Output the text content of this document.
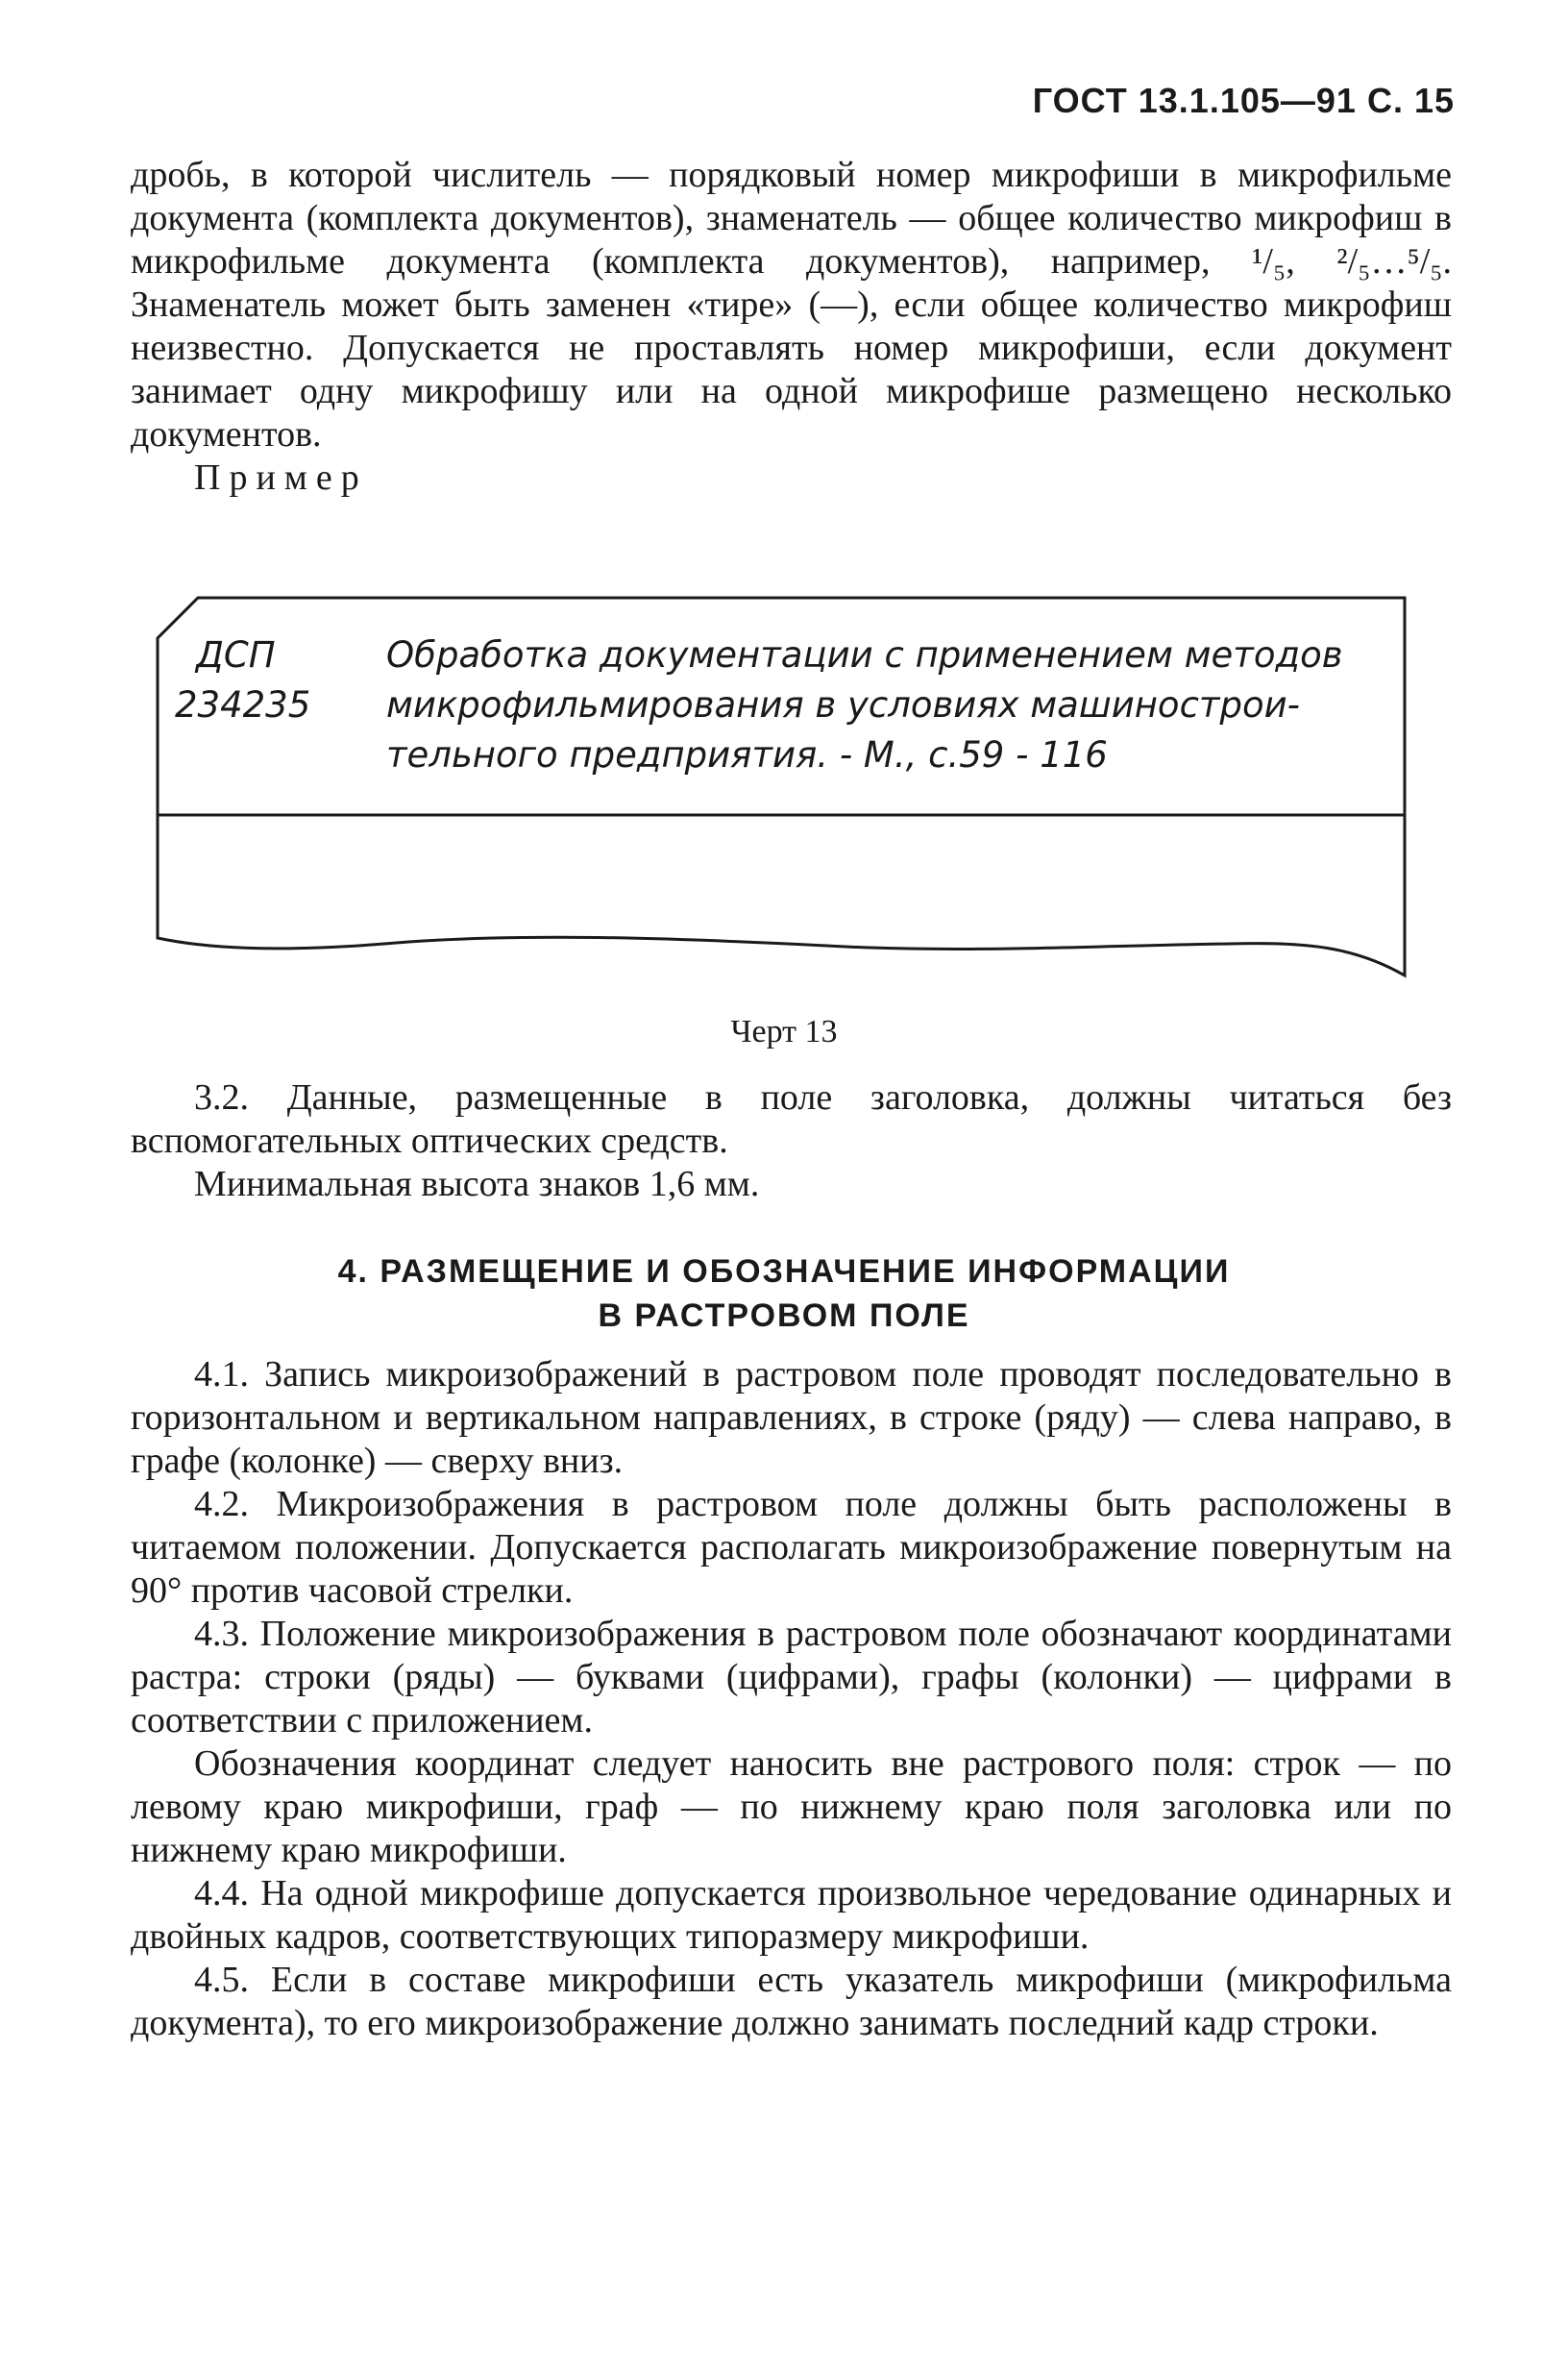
ГОСТ 13.1.105—91 С. 15

дробь, в которой числитель — порядковый номер микрофиши в микрофильме документа (комплекта документов), знаменатель — общее количество микрофиш в микрофильме документа (комплекта документов), например, ¹/₅, ²/₅…⁵/₅. Знаменатель может быть заменен «тире» (—), если общее количество микрофиш неизвестно. Допускается не проставлять номер микрофиши, если документ занимает одну микрофишу или на одной микрофише размещено несколько документов.

Пример

ДСП
234235
Обработка документации с применением методов
микрофильмирования в условиях машинострои-
тельного предприятия. - М., с.59 - 116
Черт 13

3.2. Данные, размещенные в поле заголовка, должны читаться без вспомогательных оптических средств.

Минимальная высота знаков 1,6 мм.

4. РАЗМЕЩЕНИЕ И ОБОЗНАЧЕНИЕ ИНФОРМАЦИИ
В РАСТРОВОМ ПОЛЕ

4.1. Запись микроизображений в растровом поле проводят последовательно в горизонтальном и вертикальном направлениях, в строке (ряду) — слева направо, в графе (колонке) — сверху вниз.

4.2. Микроизображения в растровом поле должны быть расположены в читаемом положении. Допускается располагать микроизображение повернутым на 90° против часовой стрелки.

4.3. Положение микроизображения в растровом поле обозначают координатами растра: строки (ряды) — буквами (цифрами), графы (колонки) — цифрами в соответствии с приложением.

Обозначения координат следует наносить вне растрового поля: строк — по левому краю микрофиши, граф — по нижнему краю поля заголовка или по нижнему краю микрофиши.

4.4. На одной микрофише допускается произвольное чередование одинарных и двойных кадров, соответствующих типоразмеру микрофиши.

4.5. Если в составе микрофиши есть указатель микрофиши (микрофильма документа), то его микроизображение должно занимать последний кадр строки.
